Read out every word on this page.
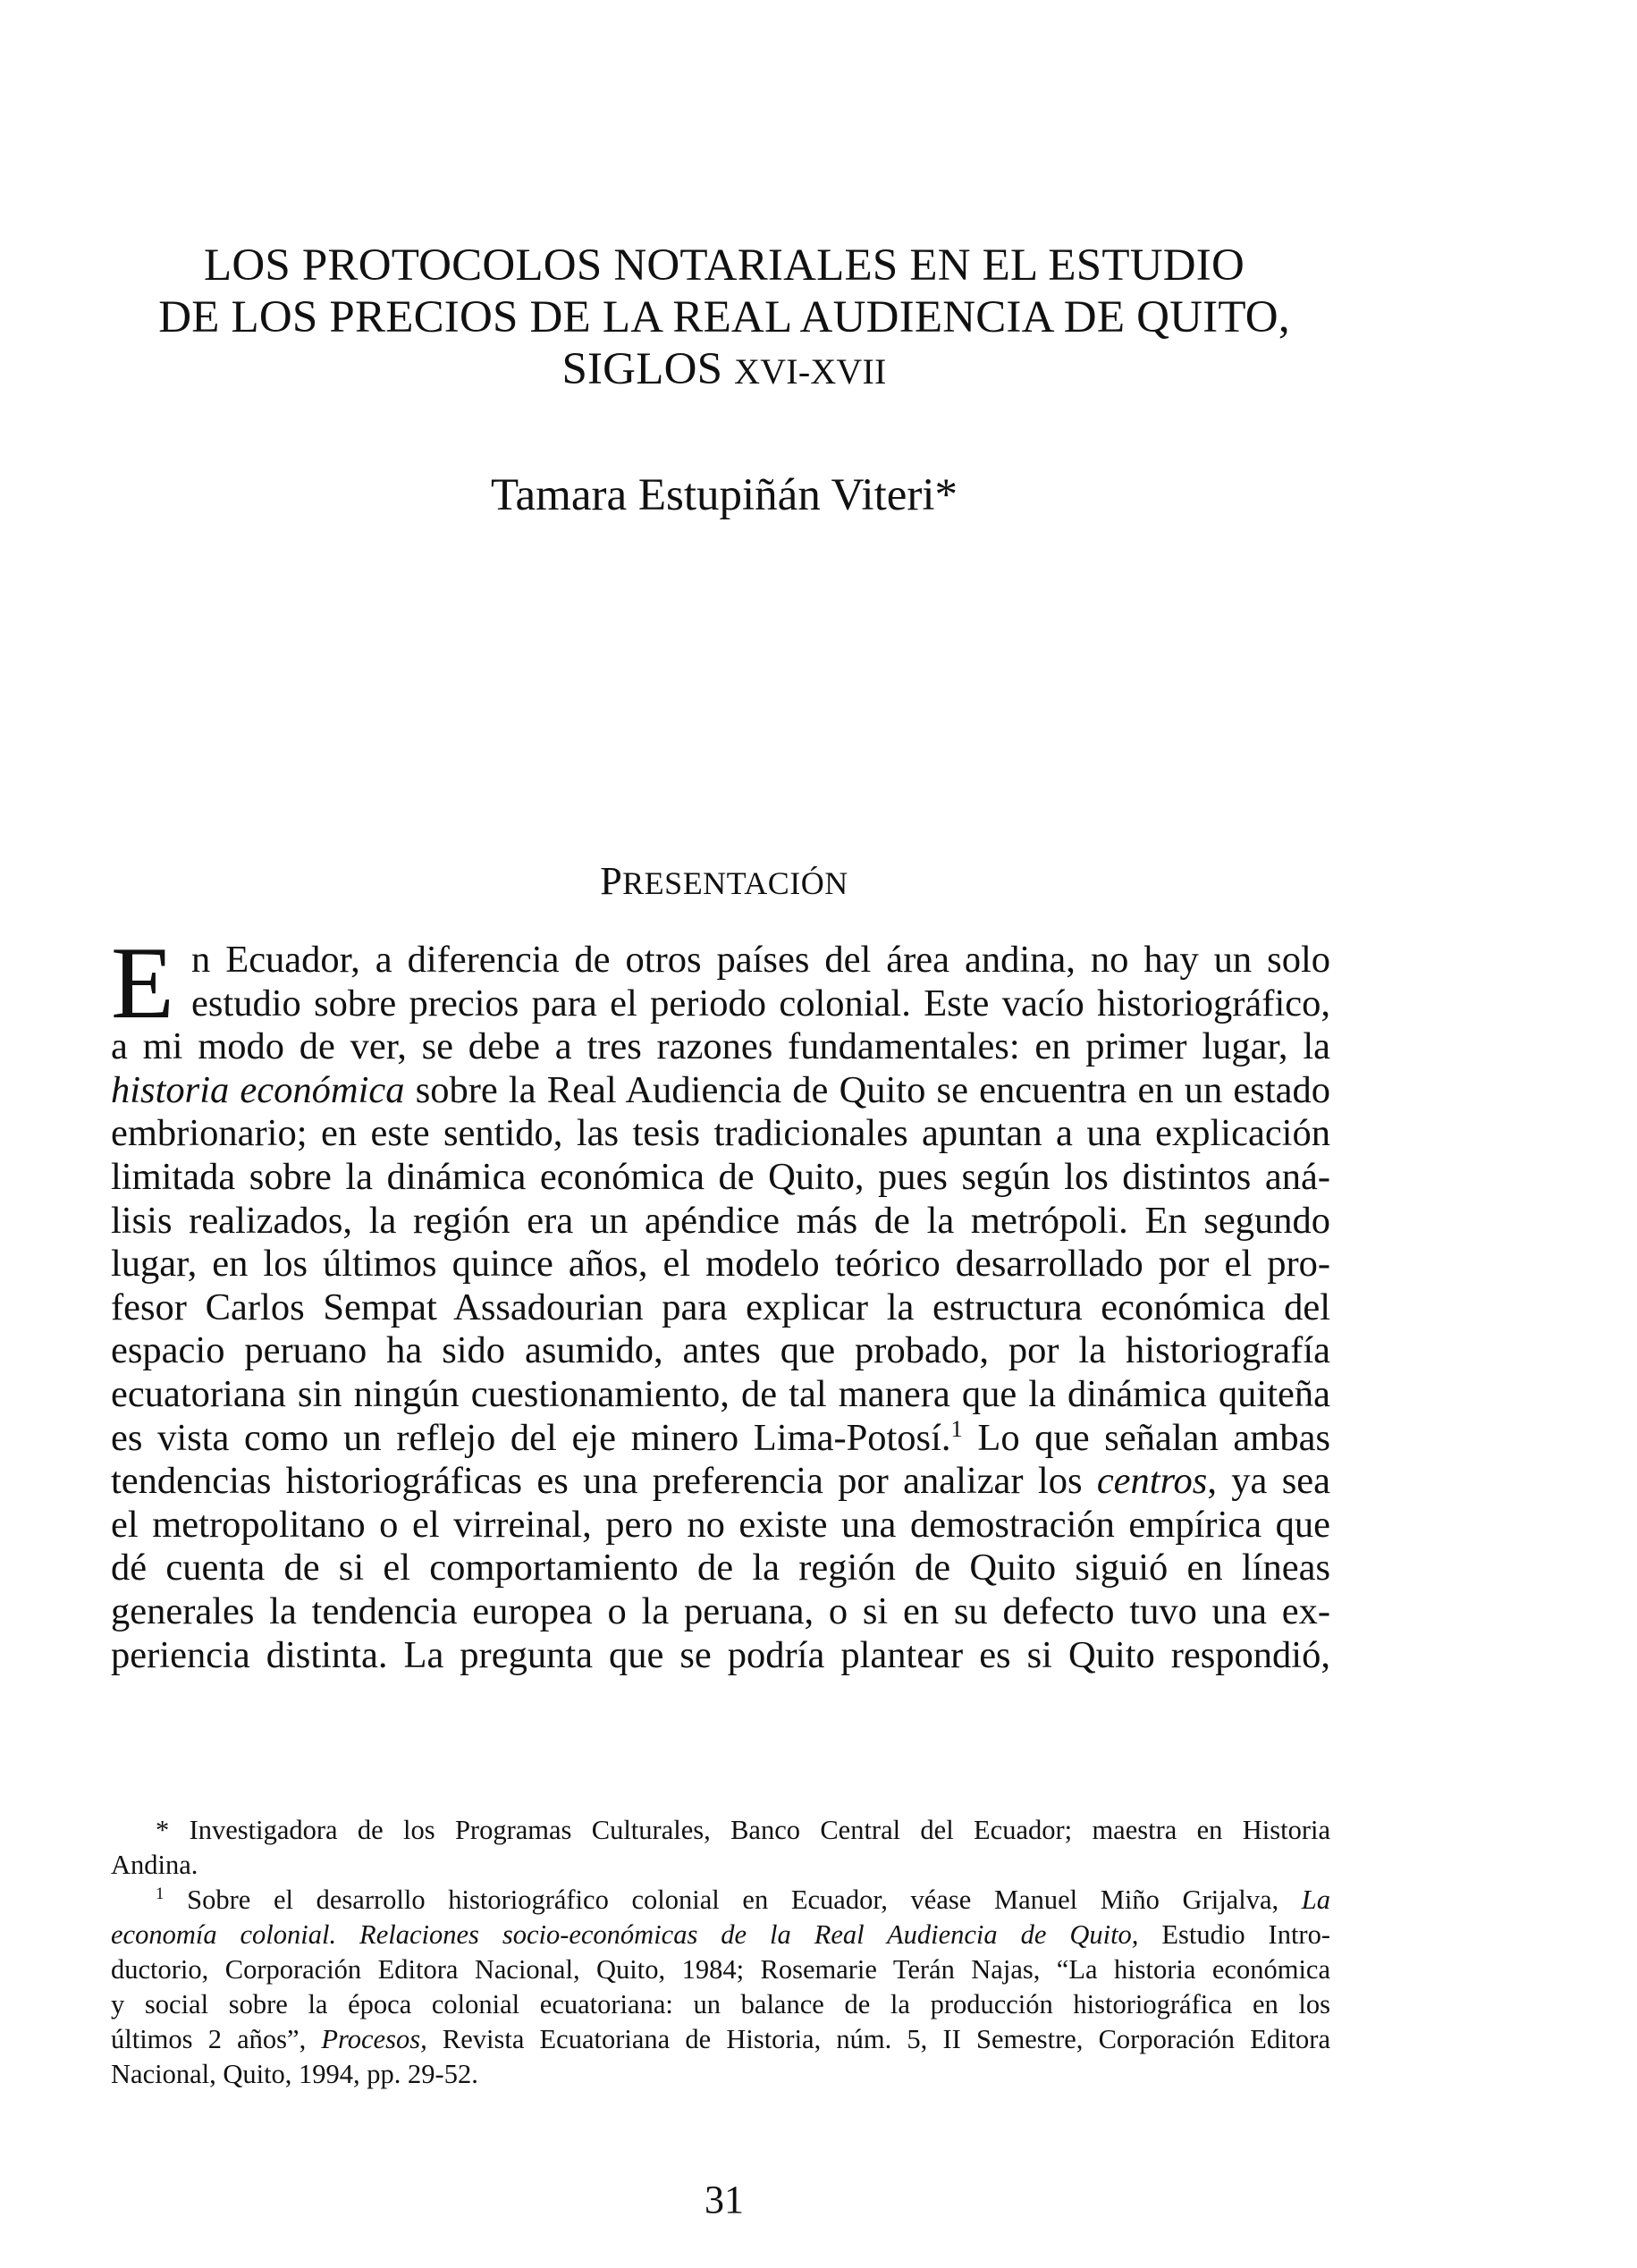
LOS PROTOCOLOS NOTARIALES EN EL ESTUDIO
DE LOS PRECIOS DE LA REAL AUDIENCIA DE QUITO,
SIGLOS XVI-XVII
Tamara Estupiñán Viteri*
PRESENTACIÓN
E n Ecuador, a diferencia de otros países del área andina, no hay un solo
estudio sobre precios para el periodo colonial. Este vacío historiográfico,
a mi modo de ver, se debe a tres razones fundamentales: en primer lugar, la
historia económica sobre la Real Audiencia de Quito se encuentra en un estado
embrionario; en este sentido, las tesis tradicionales apuntan a una explicación
limitada sobre la dinámica económica de Quito, pues según los distintos aná-
lisis realizados, la región era un apéndice más de la metrópoli. En segundo
lugar, en los últimos quince años, el modelo teórico desarrollado por el pro-
fesor Carlos Sempat Assadourian para explicar la estructura económica del
espacio peruano ha sido asumido, antes que probado, por la historiografía
ecuatoriana sin ningún cuestionamiento, de tal manera que la dinámica quiteña
es vista como un reflejo del eje minero Lima-Potosí.$^1$ Lo que señalan ambas
tendencias historiográficas es una preferencia por analizar los centros, ya sea
el metropolitano o el virreinal, pero no existe una demostración empírica que
dé cuenta de si el comportamiento de la región de Quito siguió en líneas
generales la tendencia europea o la peruana, o si en su defecto tuvo una ex-
periencia distinta. La pregunta que se podría plantear es si Quito respondió,
* Investigadora de los Programas Culturales, Banco Central del Ecuador; maestra en Historia
Andina.
$^1$ Sobre el desarrollo historiográfico colonial en Ecuador, véase Manuel Miño Grijalva, La
economía colonial. Relaciones socio-económicas de la Real Audiencia de Quito, Estudio Intro-
ductorio, Corporación Editora Nacional, Quito, 1984; Rosemarie Terán Najas, “La historia económica
y social sobre la época colonial ecuatoriana: un balance de la producción historiográfica en los
últimos 2 años”, Procesos, Revista Ecuatoriana de Historia, núm. 5, II Semestre, Corporación Editora
Nacional, Quito, 1994, pp. 29-52.
31
